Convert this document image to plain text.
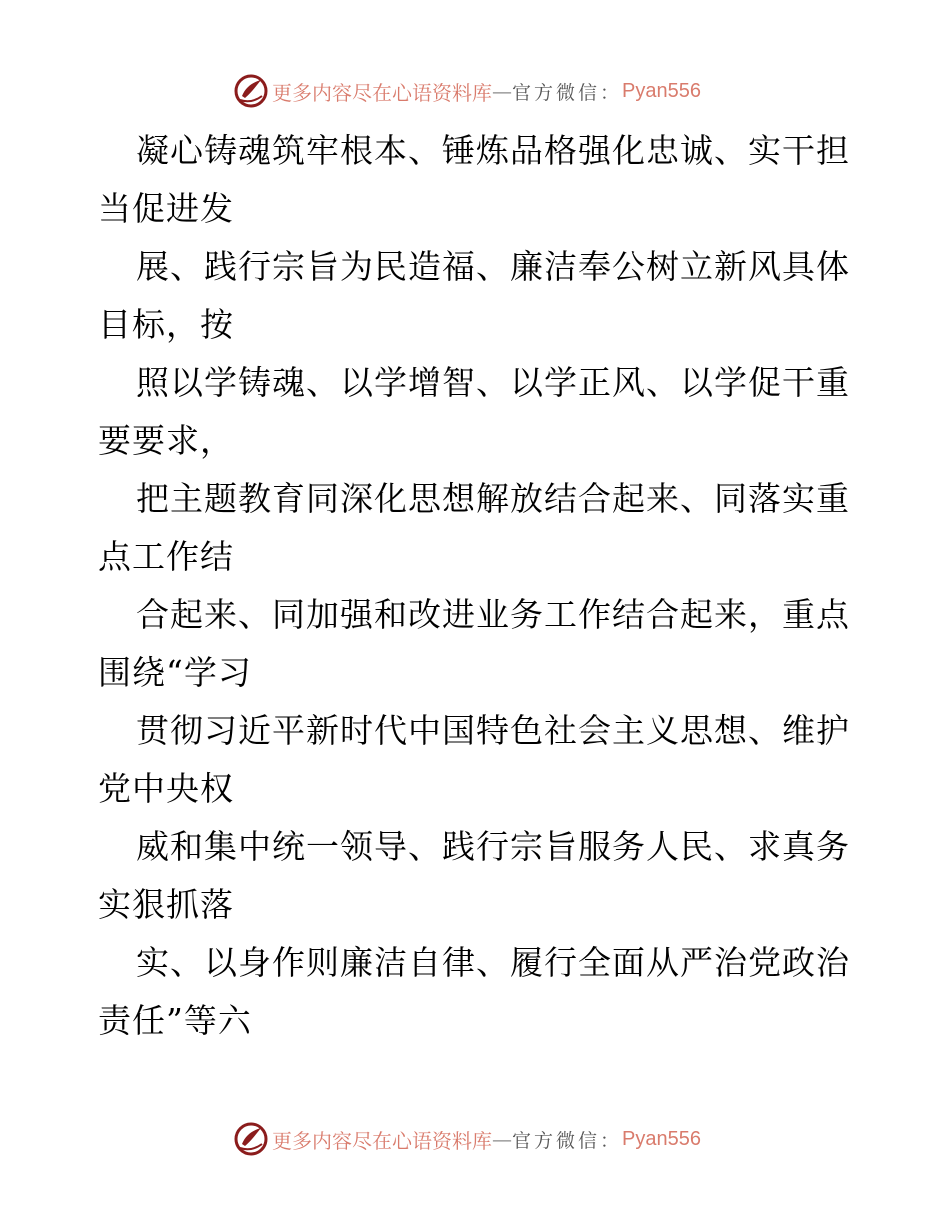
更多内容尽在心语资料库 — 官方微信： Pyan556
凝心铸魂筑牢根本、锤炼品格强化忠诚、实干担
当促进发
展、践行宗旨为民造福、廉洁奉公树立新风具体
目标，按
照以学铸魂、以学增智、以学正风、以学促干重
要要求，
把主题教育同深化思想解放结合起来、同落实重
点工作结
合起来、同加强和改进业务工作结合起来，重点
围绕“学习
贯彻习近平新时代中国特色社会主义思想、维护
党中央权
威和集中统一领导、践行宗旨服务人民、求真务
实狠抓落
实、以身作则廉洁自律、履行全面从严治党政治
责任”等六
更多内容尽在心语资料库 — 官方微信： Pyan556
